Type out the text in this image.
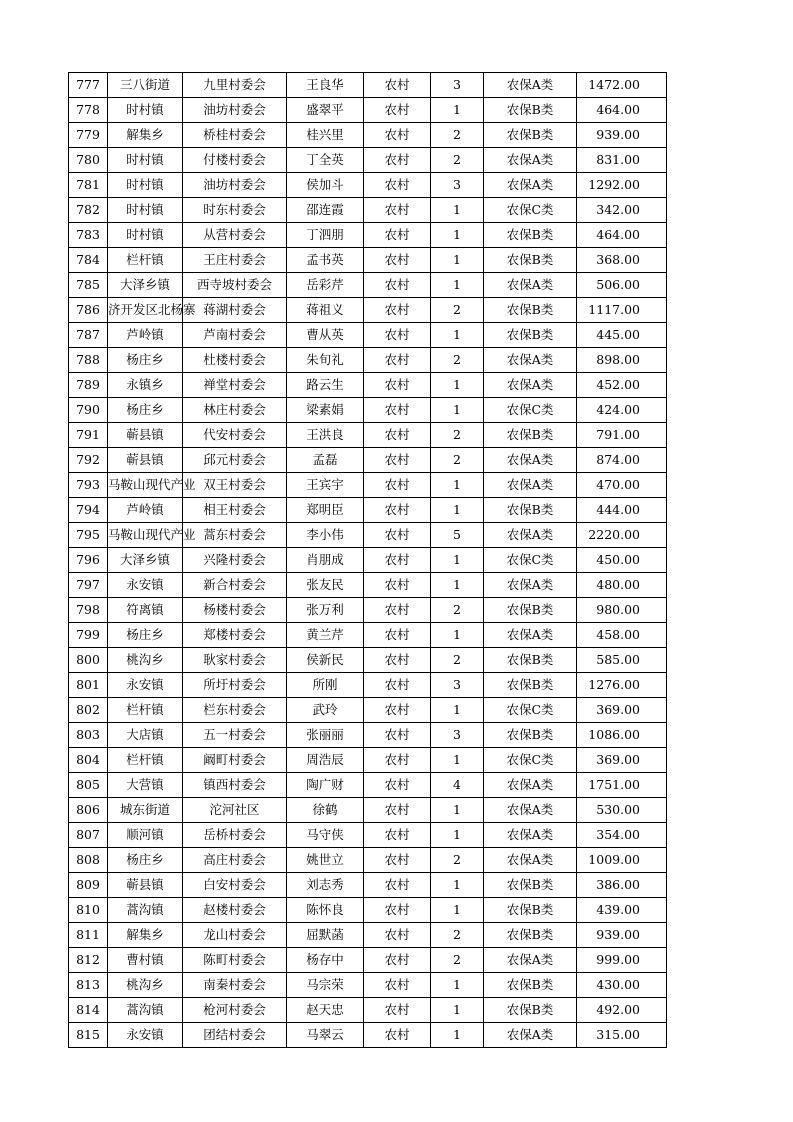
777	三八街道	九里村委会	王良华	农村	3	农保A类	1472.00
778	时村镇	油坊村委会	盛翠平	农村	1	农保B类	464.00
779	解集乡	桥桂村委会	桂兴里	农村	2	农保B类	939.00
780	时村镇	付楼村委会	丁全英	农村	2	农保A类	831.00
781	时村镇	油坊村委会	侯加斗	农村	3	农保A类	1292.00
782	时村镇	时东村委会	邵连霞	农村	1	农保C类	342.00
783	时村镇	从营村委会	丁泗朋	农村	1	农保B类	464.00
784	栏杆镇	王庄村委会	孟书英	农村	1	农保B类	368.00
785	大泽乡镇	西寺坡村委会	岳彩芹	农村	1	农保A类	506.00
786	济开发区北杨寨	蒋湖村委会	蒋祖义	农村	2	农保B类	1117.00
787	芦岭镇	芦南村委会	曹从英	农村	1	农保B类	445.00
788	杨庄乡	杜楼村委会	朱旬礼	农村	2	农保A类	898.00
789	永镇乡	禅堂村委会	路云生	农村	1	农保A类	452.00
790	杨庄乡	林庄村委会	梁素娟	农村	1	农保C类	424.00
791	蕲县镇	代安村委会	王洪良	农村	2	农保B类	791.00
792	蕲县镇	邱元村委会	孟磊	农村	2	农保A类	874.00
793	马鞍山现代产业	双王村委会	王宾宇	农村	1	农保A类	470.00
794	芦岭镇	相王村委会	郑明臣	农村	1	农保B类	444.00
795	马鞍山现代产业	蒿东村委会	李小伟	农村	5	农保A类	2220.00
796	大泽乡镇	兴隆村委会	肖朋成	农村	1	农保C类	450.00
797	永安镇	新合村委会	张友民	农村	1	农保A类	480.00
798	符离镇	杨楼村委会	张万利	农村	2	农保B类	980.00
799	杨庄乡	郑楼村委会	黄兰芹	农村	1	农保A类	458.00
800	桃沟乡	耿家村委会	侯新民	农村	2	农保B类	585.00
801	永安镇	所圩村委会	所刚	农村	3	农保B类	1276.00
802	栏杆镇	栏东村委会	武玲	农村	1	农保C类	369.00
803	大店镇	五一村委会	张丽丽	农村	3	农保B类	1086.00
804	栏杆镇	阚町村委会	周浩辰	农村	1	农保C类	369.00
805	大营镇	镇西村委会	陶广财	农村	4	农保A类	1751.00
806	城东街道	沱河社区	徐鹤	农村	1	农保A类	530.00
807	顺河镇	岳桥村委会	马守侠	农村	1	农保A类	354.00
808	杨庄乡	高庄村委会	姚世立	农村	2	农保A类	1009.00
809	蕲县镇	白安村委会	刘志秀	农村	1	农保B类	386.00
810	蒿沟镇	赵楼村委会	陈怀良	农村	1	农保B类	439.00
811	解集乡	龙山村委会	屈默菡	农村	2	农保B类	939.00
812	曹村镇	陈町村委会	杨存中	农村	2	农保A类	999.00
813	桃沟乡	南秦村委会	马宗荣	农村	1	农保B类	430.00
814	蒿沟镇	枪河村委会	赵天忠	农村	1	农保B类	492.00
815	永安镇	团结村委会	马翠云	农村	1	农保A类	315.00
